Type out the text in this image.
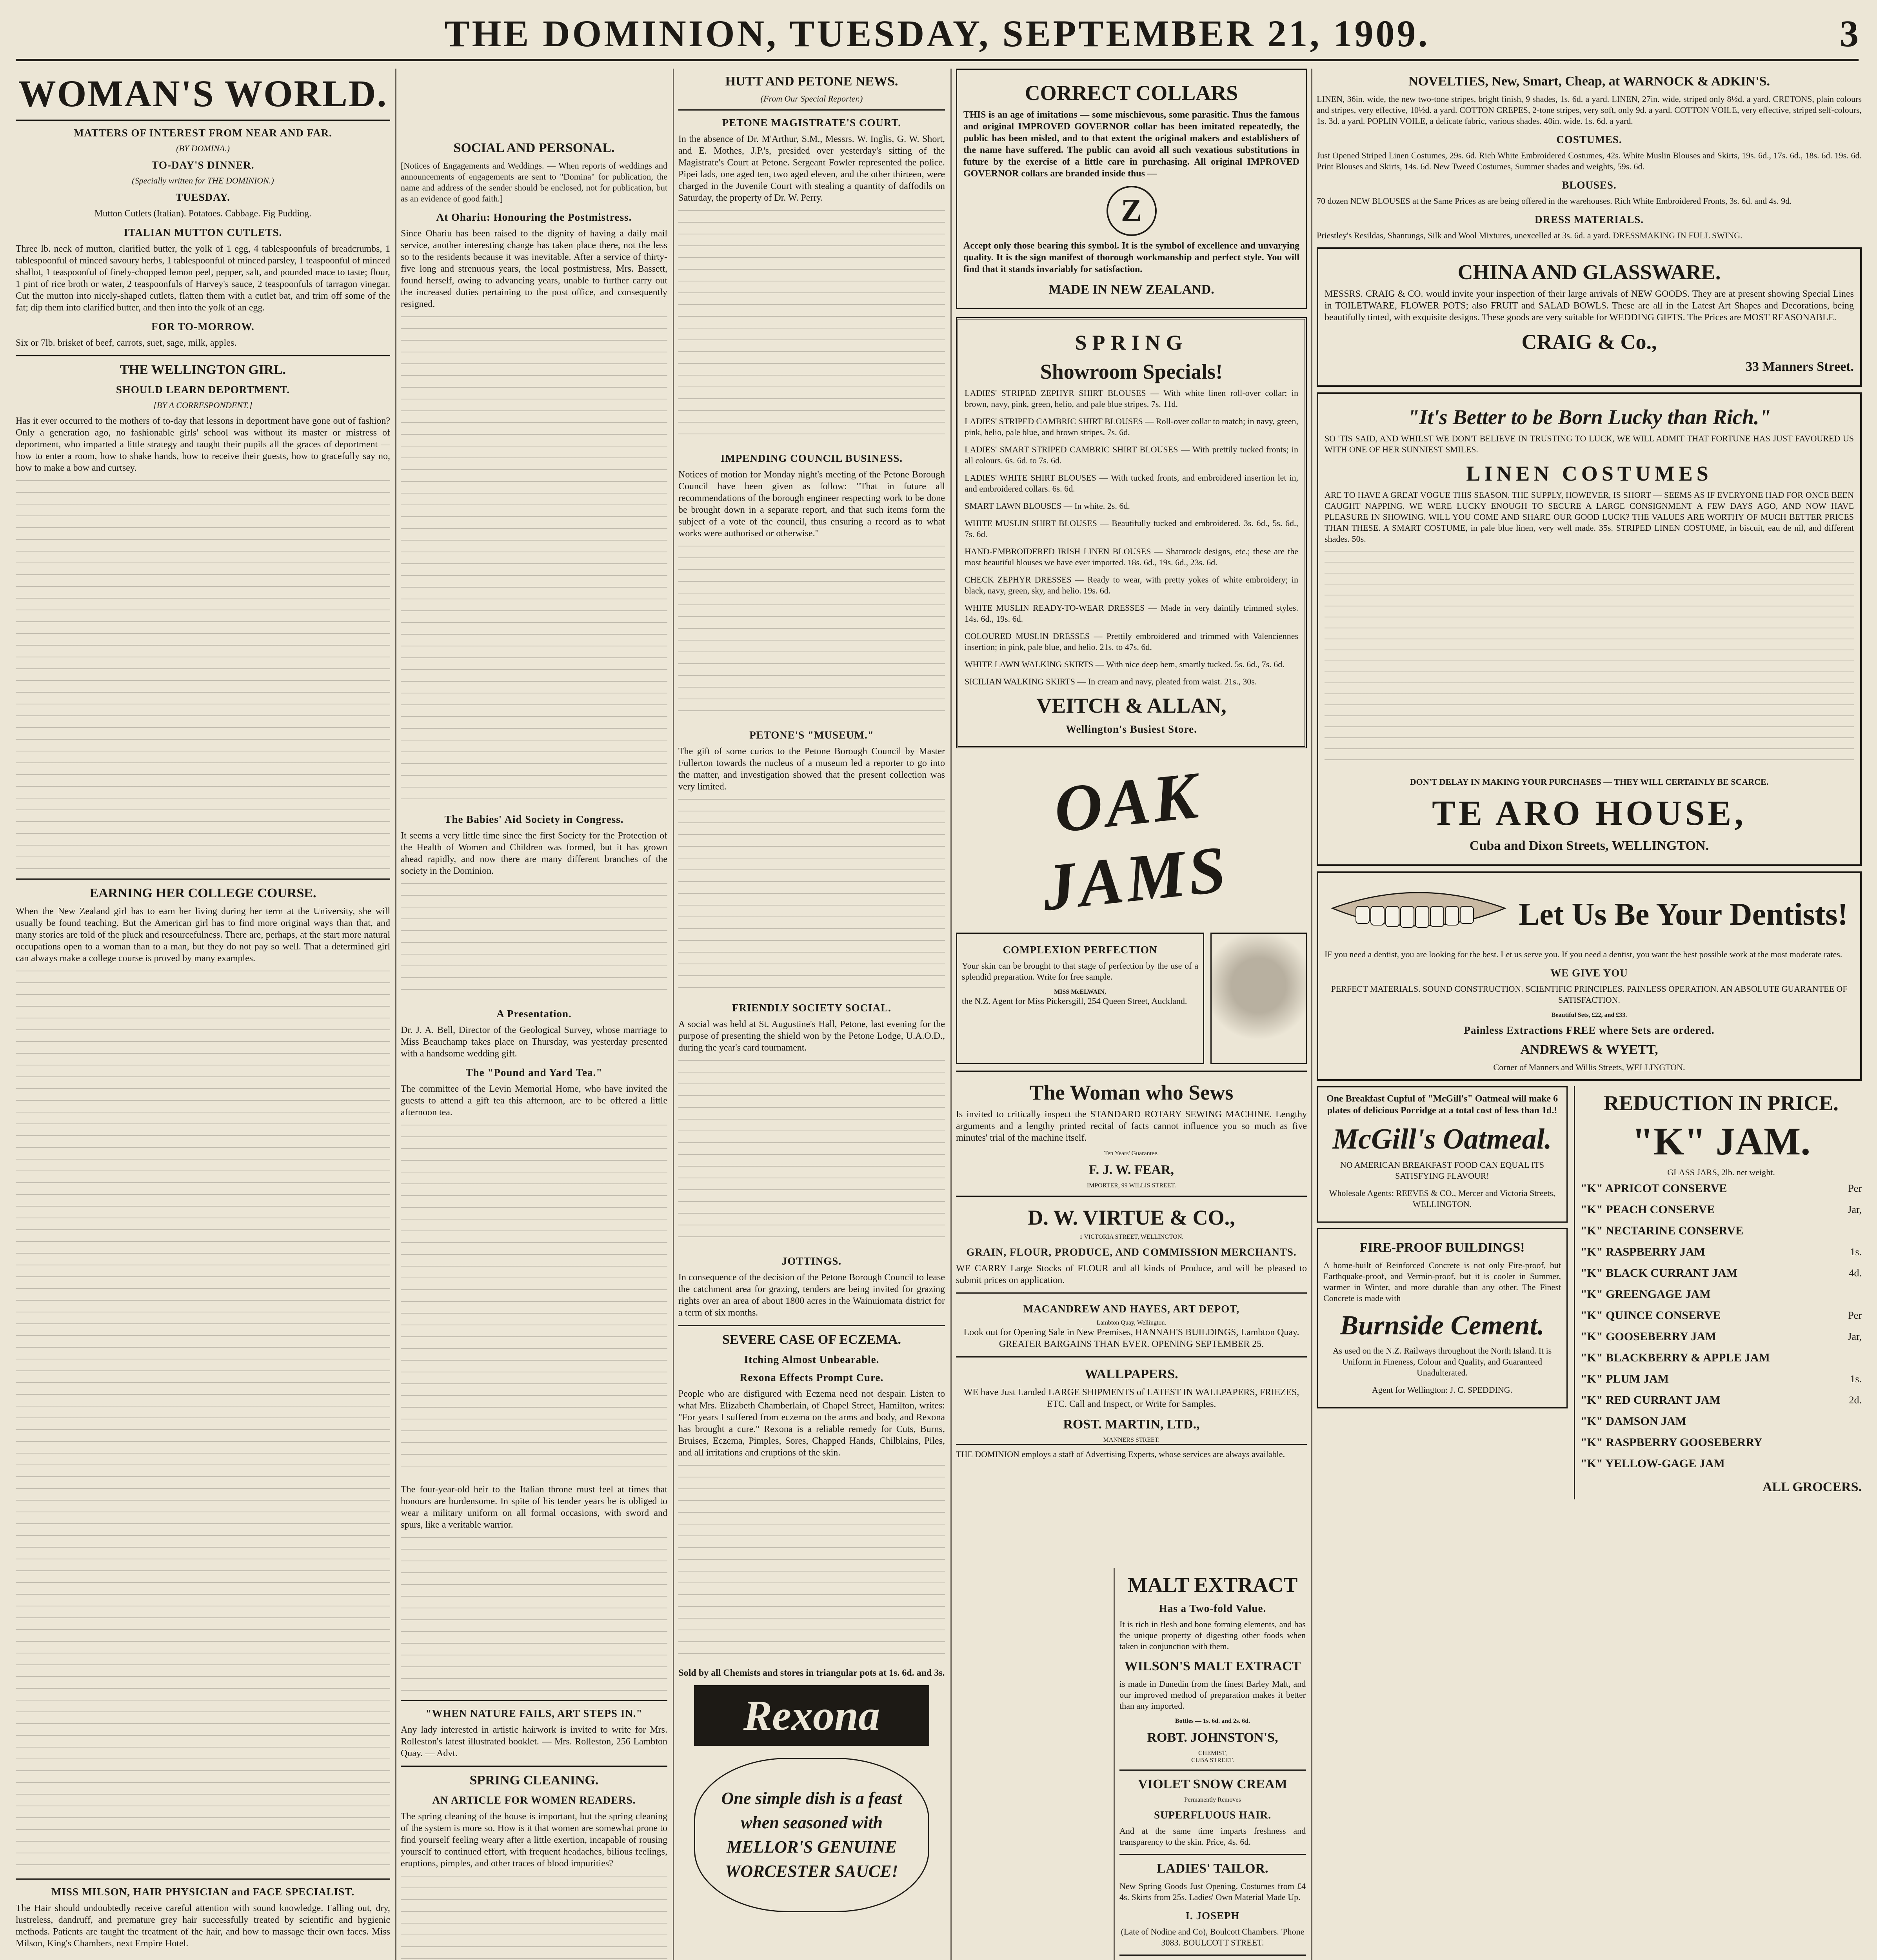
THE DOMINION, TUESDAY, SEPTEMBER 21, 1909.	3
WOMAN'S WORLD.
MATTERS OF INTEREST FROM NEAR AND FAR.
(BY DOMINA.)
TO-DAY'S DINNER.
(Specially written for THE DOMINION.)
TUESDAY.

Mutton Cutlets (Italian). Potatoes. Cabbage. Fig Pudding.

ITALIAN MUTTON CUTLETS.

Three lb. neck of mutton, clarified butter, the yolk of 1 egg, 4 tablespoonfuls of breadcrumbs, 1 tablespoonful of minced savoury herbs, 1 tablespoonful of minced parsley, 1 teaspoonful of minced shallot, 1 teaspoonful of finely-chopped lemon peel, pepper, salt, and pounded mace to taste; flour, 1 pint of rice broth or water, 2 teaspoonfuls of Harvey's sauce, 2 teaspoonfuls of tarragon vinegar. Cut the mutton into nicely-shaped cutlets, flatten them with a cutlet bat, and trim off some of the fat; dip them into clarified butter, and then into the yolk of an egg.

FOR TO-MORROW.

Six or 7lb. brisket of beef, carrots, suet, sage, milk, apples.

THE WELLINGTON GIRL.
SHOULD LEARN DEPORTMENT.
[BY A CORRESPONDENT.]

Has it ever occurred to the mothers of to-day that lessons in deportment have gone out of fashion? Only a generation ago, no fashionable girls' school was without its master or mistress of deportment, who imparted a little strategy and taught their pupils all the graces of deportment — how to enter a room, how to shake hands, how to receive their guests, how to gracefully say no, how to make a bow and curtsey.

EARNING HER COLLEGE COURSE.

When the New Zealand girl has to earn her living during her term at the University, she will usually be found teaching. But the American girl has to find more original ways than that, and many stories are told of the pluck and resourcefulness. There are, perhaps, at the start more natural occupations open to a woman than to a man, but they do not pay so well. That a determined girl can always make a college course is proved by many examples.

MISS MILSON, HAIR PHYSICIAN and FACE SPECIALIST.

The Hair should undoubtedly receive careful attention with sound knowledge. Falling out, dry, lustreless, dandruff, and premature grey hair successfully treated by scientific and hygienic methods. Patients are taught the treatment of the hair, and how to massage their own faces. Miss Milson, King's Chambers, next Empire Hotel.

SOCIAL AND PERSONAL.

[Notices of Engagements and Weddings. — When reports of weddings and announcements of engagements are sent to "Domina" for publication, the name and address of the sender should be enclosed, not for publication, but as an evidence of good faith.]

At Ohariu: Honouring the Postmistress.

Since Ohariu has been raised to the dignity of having a daily mail service, another interesting change has taken place there, not the less so to the residents because it was inevitable. After a service of thirty-five long and strenuous years, the local postmistress, Mrs. Bassett, found herself, owing to advancing years, unable to further carry out the increased duties pertaining to the post office, and consequently resigned.

The Babies' Aid Society in Congress.

It seems a very little time since the first Society for the Protection of the Health of Women and Children was formed, but it has grown ahead rapidly, and now there are many different branches of the society in the Dominion.

A Presentation.

Dr. J. A. Bell, Director of the Geological Survey, whose marriage to Miss Beauchamp takes place on Thursday, was yesterday presented with a handsome wedding gift.

The "Pound and Yard Tea."

The committee of the Levin Memorial Home, who have invited the guests to attend a gift tea this afternoon, are to be offered a little afternoon tea.

The four-year-old heir to the Italian throne must feel at times that honours are burdensome. In spite of his tender years he is obliged to wear a military uniform on all formal occasions, with sword and spurs, like a veritable warrior.

"WHEN NATURE FAILS, ART STEPS IN."

Any lady interested in artistic hairwork is invited to write for Mrs. Rolleston's latest illustrated booklet. — Mrs. Rolleston, 256 Lambton Quay. — Advt.

SPRING CLEANING.
AN ARTICLE FOR WOMEN READERS.

The spring cleaning of the house is important, but the spring cleaning of the system is more so. How is it that women are somewhat prone to find yourself feeling weary after a little exertion, incapable of rousing yourself to continued effort, with frequent headaches, bilious feelings, eruptions, pimples, and other traces of blood impurities?

HUTT AND PETONE NEWS.
(From Our Special Reporter.)
PETONE MAGISTRATE'S COURT.

In the absence of Dr. M'Arthur, S.M., Messrs. W. Inglis, G. W. Short, and E. Mothes, J.P.'s, presided over yesterday's sitting of the Magistrate's Court at Petone. Sergeant Fowler represented the police. Pipei lads, one aged ten, two aged eleven, and the other thirteen, were charged in the Juvenile Court with stealing a quantity of daffodils on Saturday, the property of Dr. W. Perry.

IMPENDING COUNCIL BUSINESS.

Notices of motion for Monday night's meeting of the Petone Borough Council have been given as follow: "That in future all recommendations of the borough engineer respecting work to be done be brought down in a separate report, and that such items form the subject of a vote of the council, thus ensuring a record as to what works were authorised or otherwise."

PETONE'S "MUSEUM."

The gift of some curios to the Petone Borough Council by Master Fullerton towards the nucleus of a museum led a reporter to go into the matter, and investigation showed that the present collection was very limited.

FRIENDLY SOCIETY SOCIAL.

A social was held at St. Augustine's Hall, Petone, last evening for the purpose of presenting the shield won by the Petone Lodge, U.A.O.D., during the year's card tournament.

JOTTINGS.

In consequence of the decision of the Petone Borough Council to lease the catchment area for grazing, tenders are being invited for grazing rights over an area of about 1800 acres in the Wainuiomata district for a term of six months.

SEVERE CASE OF ECZEMA.
Itching Almost Unbearable.
Rexona Effects Prompt Cure.

People who are disfigured with Eczema need not despair. Listen to what Mrs. Elizabeth Chamberlain, of Chapel Street, Hamilton, writes: "For years I suffered from eczema on the arms and body, and Rexona has brought a cure." Rexona is a reliable remedy for Cuts, Burns, Bruises, Eczema, Pimples, Sores, Chapped Hands, Chilblains, Piles, and all irritations and eruptions of the skin.

Sold by all Chemists and stores in triangular pots at 1s. 6d. and 3s.

Rexona
One simple dish is a feast when seasoned with MELLOR'S GENUINE WORCESTER SAUCE!
CORRECT COLLARS

THIS is an age of imitations — some mischievous, some parasitic. Thus the famous and original IMPROVED GOVERNOR collar has been imitated repeatedly, the public has been misled, and to that extent the original makers and establishers of the name have suffered. The public can avoid all such vexatious substitutions in future by the exercise of a little care in purchasing. All original IMPROVED GOVERNOR collars are branded inside thus —

Z

Accept only those bearing this symbol. It is the symbol of excellence and unvarying quality. It is the sign manifest of thorough workmanship and perfect style. You will find that it stands invariably for satisfaction.

MADE IN NEW ZEALAND.
SPRING
Showroom Specials!

LADIES' STRIPED ZEPHYR SHIRT BLOUSES — With white linen roll-over collar; in brown, navy, pink, green, helio, and pale blue stripes. 7s. 11d.

LADIES' STRIPED CAMBRIC SHIRT BLOUSES — Roll-over collar to match; in navy, green, pink, helio, pale blue, and brown stripes. 7s. 6d.

LADIES' SMART STRIPED CAMBRIC SHIRT BLOUSES — With prettily tucked fronts; in all colours. 6s. 6d. to 7s. 6d.

LADIES' WHITE SHIRT BLOUSES — With tucked fronts, and embroidered insertion let in, and embroidered collars. 6s. 6d.

SMART LAWN BLOUSES — In white. 2s. 6d.

WHITE MUSLIN SHIRT BLOUSES — Beautifully tucked and embroidered. 3s. 6d., 5s. 6d., 7s. 6d.

HAND-EMBROIDERED IRISH LINEN BLOUSES — Shamrock designs, etc.; these are the most beautiful blouses we have ever imported. 18s. 6d., 19s. 6d., 23s. 6d.

CHECK ZEPHYR DRESSES — Ready to wear, with pretty yokes of white embroidery; in black, navy, green, sky, and helio. 19s. 6d.

WHITE MUSLIN READY-TO-WEAR DRESSES — Made in very daintily trimmed styles. 14s. 6d., 19s. 6d.

COLOURED MUSLIN DRESSES — Prettily embroidered and trimmed with Valenciennes insertion; in pink, pale blue, and helio. 21s. to 47s. 6d.

WHITE LAWN WALKING SKIRTS — With nice deep hem, smartly tucked. 5s. 6d., 7s. 6d.

SICILIAN WALKING SKIRTS — In cream and navy, pleated from waist. 21s., 30s.

VEITCH & ALLAN,
Wellington's Busiest Store.
OAK JAMS
COMPLEXION PERFECTION

Your skin can be brought to that stage of perfection by the use of a splendid preparation. Write for free sample.

MISS McELWAIN,

the N.Z. Agent for Miss Pickersgill, 254 Queen Street, Auckland.

The Woman who Sews

Is invited to critically inspect the STANDARD ROTARY SEWING MACHINE. Lengthy arguments and a lengthy printed recital of facts cannot influence you so much as five minutes' trial of the machine itself.

Ten Years' Guarantee.
F. J. W. FEAR,
IMPORTER, 99 WILLIS STREET.
D. W. VIRTUE & CO.,
1 VICTORIA STREET, WELLINGTON.
GRAIN, FLOUR, PRODUCE, AND COMMISSION MERCHANTS.

WE CARRY Large Stocks of FLOUR and all kinds of Produce, and will be pleased to submit prices on application.

MACANDREW AND HAYES, ART DEPOT,
Lambton Quay, Wellington.

Look out for Opening Sale in New Premises, HANNAH'S BUILDINGS, Lambton Quay. GREATER BARGAINS THAN EVER. OPENING SEPTEMBER 25.

WALLPAPERS.

WE have Just Landed LARGE SHIPMENTS of LATEST IN WALLPAPERS, FRIEZES, ETC. Call and Inspect, or Write for Samples.

ROST. MARTIN, LTD.,
MANNERS STREET.

THE DOMINION employs a staff of Advertising Experts, whose services are always available.

MALT EXTRACT
Has a Two-fold Value.

It is rich in flesh and bone forming elements, and has the unique property of digesting other foods when taken in conjunction with them.

WILSON'S MALT EXTRACT

is made in Dunedin from the finest Barley Malt, and our improved method of preparation makes it better than any imported.

Bottles — 1s. 6d. and 2s. 6d.
ROBT. JOHNSTON'S,
CHEMIST,
CUBA STREET.
VIOLET SNOW CREAM
Permanently Removes
SUPERFLUOUS HAIR.

And at the same time imparts freshness and transparency to the skin. Price, 4s. 6d.

LADIES' TAILOR.

New Spring Goods Just Opening. Costumes from £4 4s. Skirts from 25s. Ladies' Own Material Made Up.

I. JOSEPH

(Late of Nodine and Co), Boulcott Chambers. 'Phone 3083. BOULCOTT STREET.

NOVELTIES, New, Smart, Cheap, at WARNOCK & ADKIN'S.

LINEN, 36in. wide, the new two-tone stripes, bright finish, 9 shades, 1s. 6d. a yard. LINEN, 27in. wide, striped only 8½d. a yard. CRETONS, plain colours and stripes, very effective, 10½d. a yard. COTTON CREPES, 2-tone stripes, very soft, only 9d. a yard. COTTON VOILE, very effective, striped self-colours, 1s. 3d. a yard. POPLIN VOILE, a delicate fabric, various shades. 40in. wide. 1s. 6d. a yard.

COSTUMES.

Just Opened Striped Linen Costumes, 29s. 6d. Rich White Embroidered Costumes, 42s. White Muslin Blouses and Skirts, 19s. 6d., 17s. 6d., 18s. 6d. 19s. 6d. Print Blouses and Skirts, 14s. 6d. New Tweed Costumes, Summer shades and weights, 59s. 6d.

BLOUSES.

70 dozen NEW BLOUSES at the Same Prices as are being offered in the warehouses. Rich White Embroidered Fronts, 3s. 6d. and 4s. 9d.

DRESS MATERIALS.

Priestley's Resildas, Shantungs, Silk and Wool Mixtures, unexcelled at 3s. 6d. a yard. DRESSMAKING IN FULL SWING.

CHINA AND GLASSWARE.

MESSRS. CRAIG & CO. would invite your inspection of their large arrivals of NEW GOODS. They are at present showing Special Lines in TOILETWARE, FLOWER POTS; also FRUIT and SALAD BOWLS. These are all in the Latest Art Shapes and Decorations, being beautifully tinted, with exquisite designs. These goods are very suitable for WEDDING GIFTS. The Prices are MOST REASONABLE.

CRAIG & Co.,
33 Manners Street.
"It's Better to be Born Lucky than Rich."

SO 'TIS SAID, AND WHILST WE DON'T BELIEVE IN TRUSTING TO LUCK, WE WILL ADMIT THAT FORTUNE HAS JUST FAVOURED US WITH ONE OF HER SUNNIEST SMILES.

LINEN COSTUMES

ARE TO HAVE A GREAT VOGUE THIS SEASON. THE SUPPLY, HOWEVER, IS SHORT — SEEMS AS IF EVERYONE HAD FOR ONCE BEEN CAUGHT NAPPING. WE WERE LUCKY ENOUGH TO SECURE A LARGE CONSIGNMENT A FEW DAYS AGO, AND NOW HAVE PLEASURE IN SHOWING. WILL YOU COME AND SHARE OUR GOOD LUCK? THE VALUES ARE WORTHY OF MUCH BETTER PRICES THAN THESE. A SMART COSTUME, in pale blue linen, very well made. 35s. STRIPED LINEN COSTUME, in biscuit, eau de nil, and different shades. 50s.

DON'T DELAY IN MAKING YOUR PURCHASES — THEY WILL CERTAINLY BE SCARCE.

TE ARO HOUSE,
Cuba and Dixon Streets, WELLINGTON.
Let Us Be Your Dentists!

IF you need a dentist, you are looking for the best. Let us serve you. If you need a dentist, you want the best possible work at the most moderate rates.

WE GIVE YOU

PERFECT MATERIALS. SOUND CONSTRUCTION. SCIENTIFIC PRINCIPLES. PAINLESS OPERATION. AN ABSOLUTE GUARANTEE OF SATISFACTION.

Beautiful Sets, £22, and £33.
Painless Extractions FREE where Sets are ordered.
ANDREWS & WYETT,
Corner of Manners and Willis Streets, WELLINGTON.

One Breakfast Cupful of "McGill's" Oatmeal will make 6 plates of delicious Porridge at a total cost of less than 1d.!

McGill's Oatmeal.

NO AMERICAN BREAKFAST FOOD CAN EQUAL ITS SATISFYING FLAVOUR!

Wholesale Agents: REEVES & CO., Mercer and Victoria Streets, WELLINGTON.

FIRE-PROOF BUILDINGS!

A home-built of Reinforced Concrete is not only Fire-proof, but Earthquake-proof, and Vermin-proof, but it is cooler in Summer, warmer in Winter, and more durable than any other. The Finest Concrete is made with

Burnside Cement.

As used on the N.Z. Railways throughout the North Island. It is Uniform in Fineness, Colour and Quality, and Guaranteed Unadulterated.

Agent for Wellington: J. C. SPEDDING.

REDUCTION IN PRICE.
"K" JAM.
GLASS JARS, 2lb. net weight.
"K" APRICOT CONSERVE	Per
"K" PEACH CONSERVE	Jar,
"K" NECTARINE CONSERVE
"K" RASPBERRY JAM	1s.
"K" BLACK CURRANT JAM	4d.
"K" GREENGAGE JAM
"K" QUINCE CONSERVE	Per
"K" GOOSEBERRY JAM	Jar,
"K" BLACKBERRY & APPLE JAM
"K" PLUM JAM	1s.
"K" RED CURRANT JAM	2d.
"K" DAMSON JAM
"K" RASPBERRY GOOSEBERRY
"K" YELLOW-GAGE JAM
ALL GROCERS.
